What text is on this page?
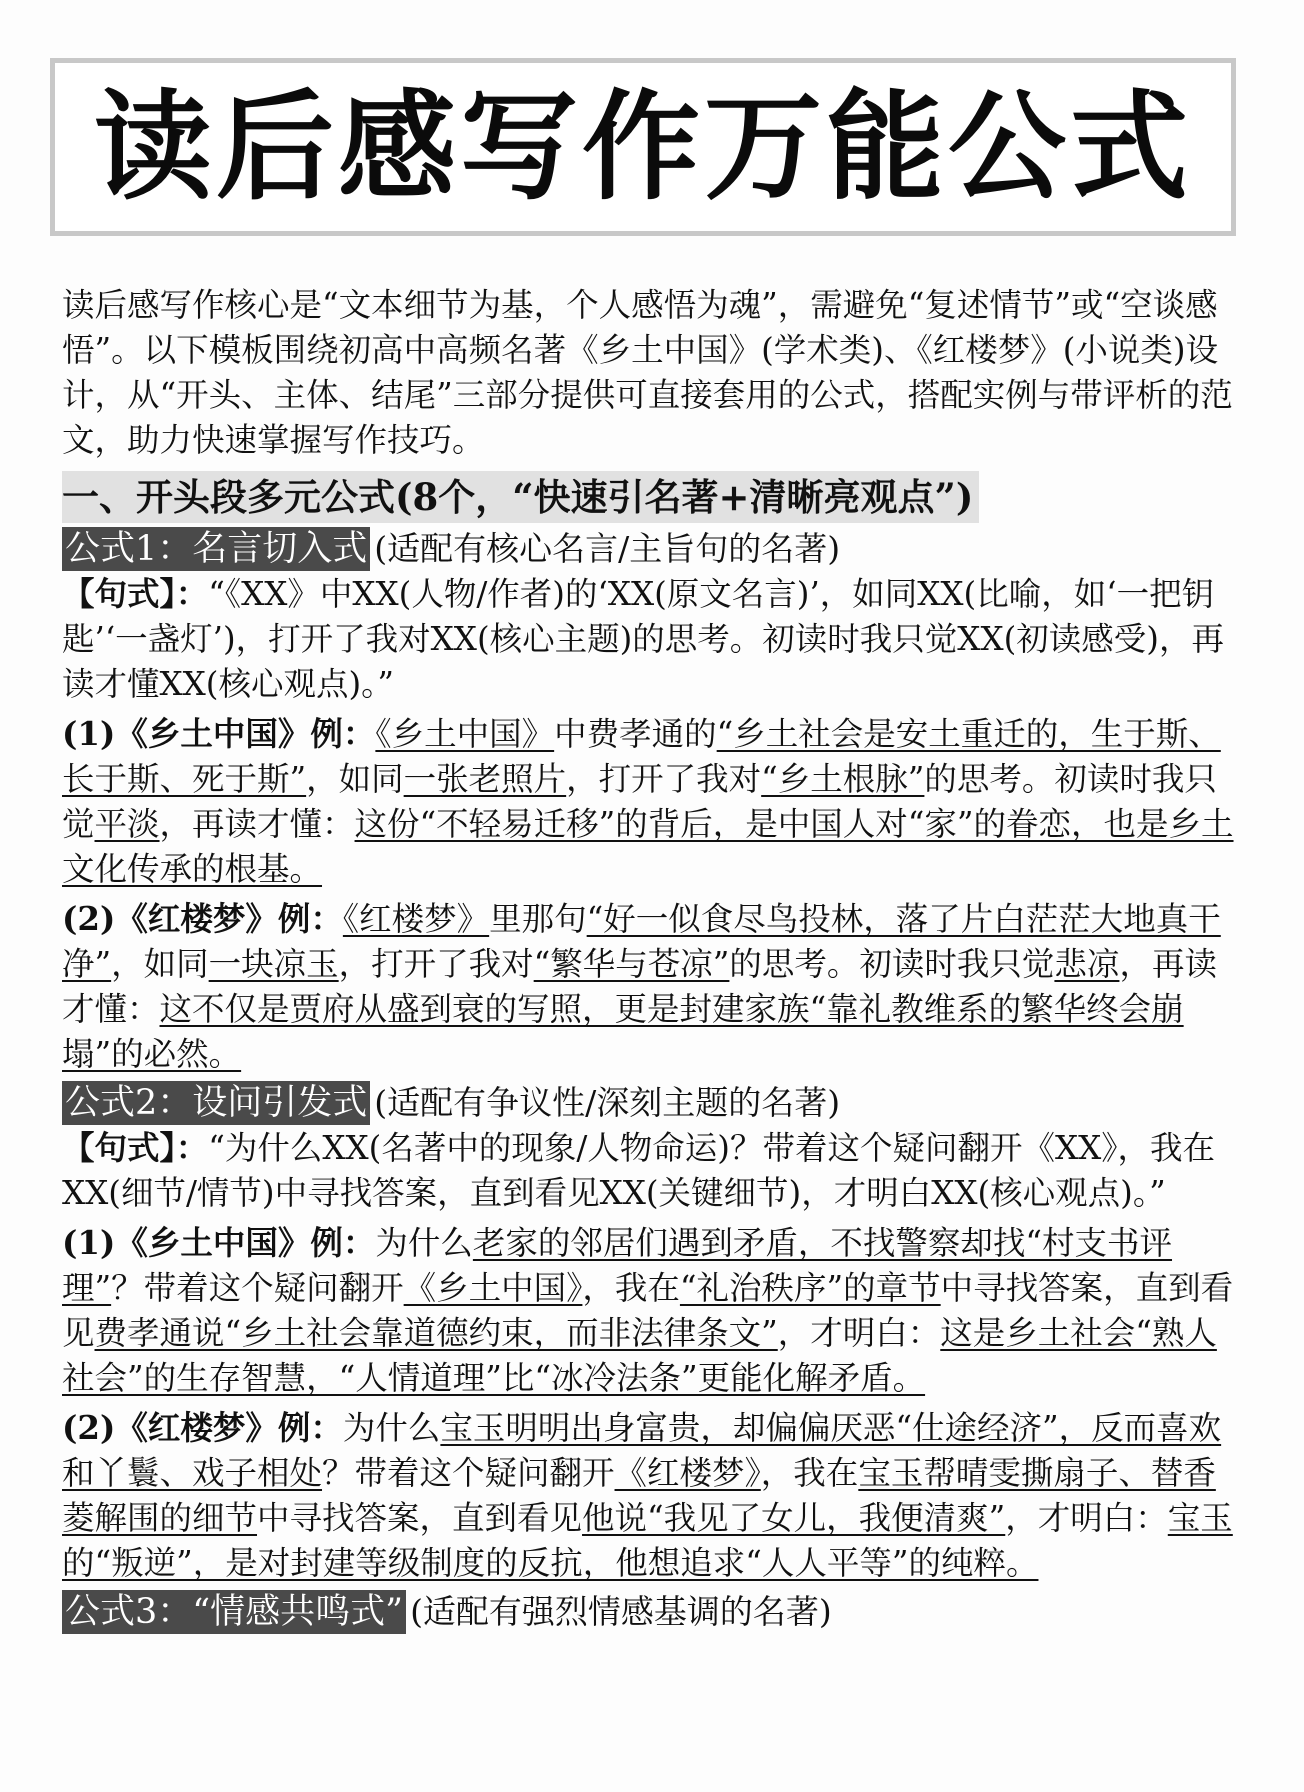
读后感写作万能公式

读后感写作核心是“文本细节为基，个人感悟为魂”，需避免“复述情节”或“空谈感悟”。以下模板围绕初高中高频名著《乡土中国》(学术类)、《红楼梦》(小说类)设计，从“开头、主体、结尾”三部分提供可直接套用的公式，搭配实例与带评析的范文，助力快速掌握写作技巧。

一、开头段多元公式(8个，“快速引名著+清晰亮观点”)
公式1：名言切入式 (适配有核心名言/主旨句的名著)

【句式】：“《XX》中XX(人物/作者)的‘XX(原文名言)’，如同XX(比喻，如‘一把钥匙’‘一盏灯’)，打开了我对XX(核心主题)的思考。初读时我只觉XX(初读感受)，再读才懂XX(核心观点)。”

(1)《乡土中国》例：《乡土中国》中费孝通的“乡土社会是安土重迁的，生于斯、长于斯、死于斯”，如同一张老照片，打开了我对“乡土根脉”的思考。初读时我只觉平淡，再读才懂：这份“不轻易迁移”的背后，是中国人对“家”的眷恋，也是乡土文化传承的根基。

(2)《红楼梦》例：《红楼梦》里那句“好一似食尽鸟投林，落了片白茫茫大地真干净”，如同一块凉玉，打开了我对“繁华与苍凉”的思考。初读时我只觉悲凉，再读才懂：这不仅是贾府从盛到衰的写照，更是封建家族“靠礼教维系的繁华终会崩塌”的必然。

公式2：设问引发式 (适配有争议性/深刻主题的名著)

【句式】：“为什么XX(名著中的现象/人物命运)？带着这个疑问翻开《XX》，我在XX(细节/情节)中寻找答案，直到看见XX(关键细节)，才明白XX(核心观点)。”

(1)《乡土中国》例：为什么老家的邻居们遇到矛盾，不找警察却找“村支书评理”？带着这个疑问翻开《乡土中国》，我在“礼治秩序”的章节中寻找答案，直到看见费孝通说“乡土社会靠道德约束，而非法律条文”，才明白：这是乡土社会“熟人社会”的生存智慧，“人情道理”比“冰冷法条”更能化解矛盾。

(2)《红楼梦》例：为什么宝玉明明出身富贵，却偏偏厌恶“仕途经济”，反而喜欢和丫鬟、戏子相处？带着这个疑问翻开《红楼梦》，我在宝玉帮晴雯撕扇子、替香菱解围的细节中寻找答案，直到看见他说“我见了女儿，我便清爽”，才明白：宝玉的“叛逆”，是对封建等级制度的反抗，他想追求“人人平等”的纯粹。

公式3：“情感共鸣式” (适配有强烈情感基调的名著)
